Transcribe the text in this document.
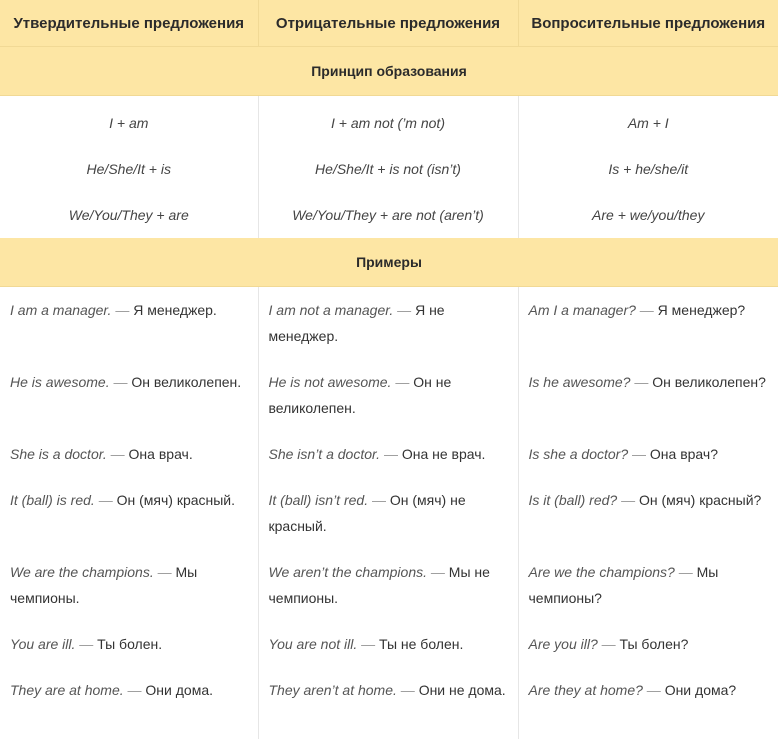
Утвердительные предложения	Отрицательные предложения	Вопросительные предложения
Принцип образования		
I + am	I + am not (’m not)	Am + I
He/She/It + is	He/She/It + is not (isn’t)	Is + he/she/it
We/You/They + are	We/You/They + are not (aren’t)	Are + we/you/they
Примеры		
I am a manager. — Я менеджер.	I am not a manager. — Я не менеджер.	Am I a manager? — Я менеджер?
He is awesome. — Он великолепен.	He is not awesome. — Он не великолепен.	Is he awesome? — Он великолепен?
She is a doctor. — Она врач.	She isn’t a doctor. — Она не врач.	Is she a doctor? — Она врач?
It (ball) is red. — Он (мяч) красный.	It (ball) isn’t red. — Он (мяч) не красный.	Is it (ball) red? — Он (мяч) красный?
We are the champions. — Мы чемпионы.	We aren’t the champions. — Мы не чемпионы.	Are we the champions? — Мы чемпионы?
You are ill. — Ты болен.	You are not ill. — Ты не болен.	Are you ill? — Ты болен?
They are at home. — Они дома.	They aren’t at home. — Они не дома.	Are they at home? — Они дома?
